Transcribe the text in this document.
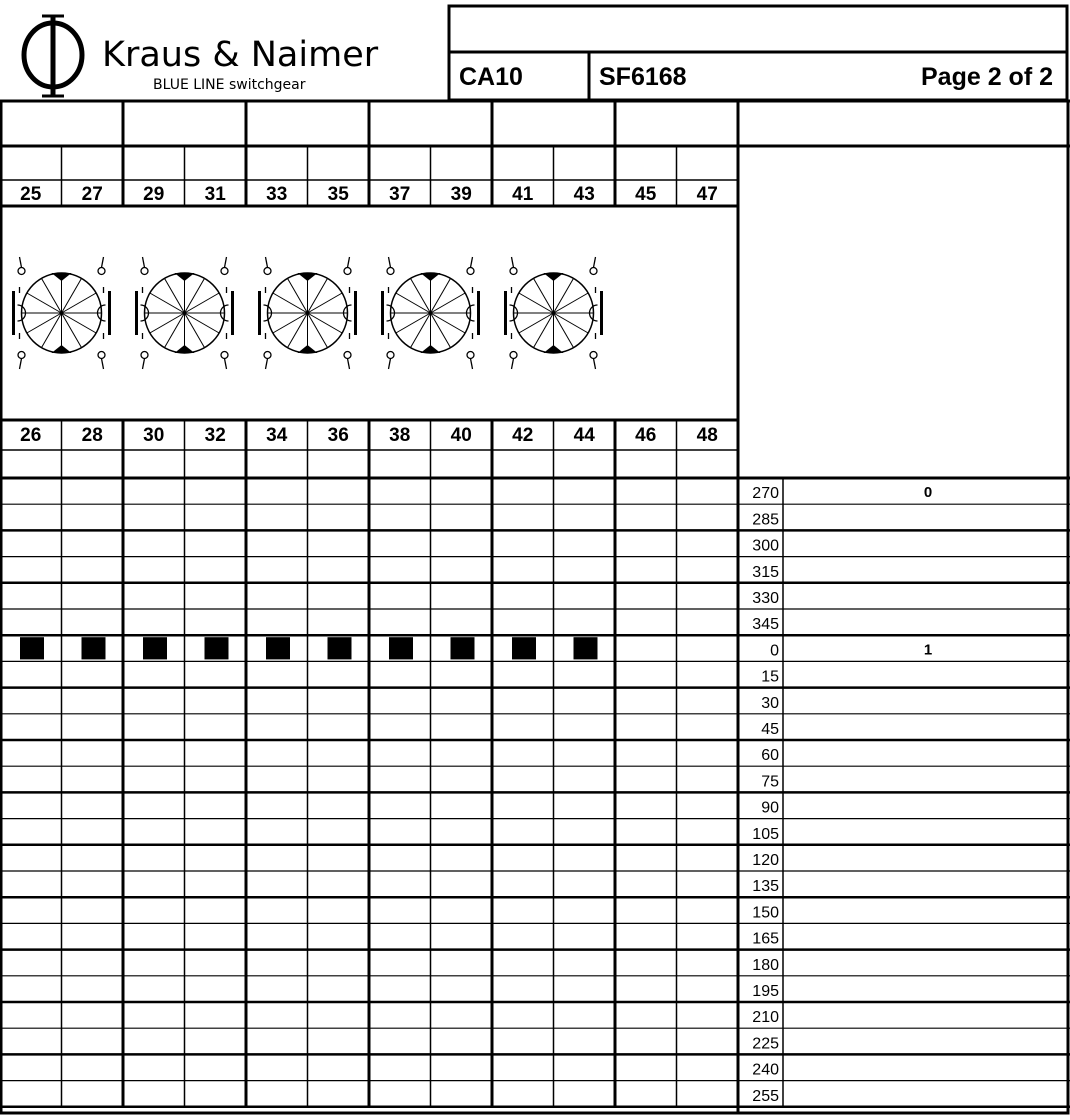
Kraus & Naimer
BLUE LINE switchgear	CA10	SF6168	Page 2 of 2
25 27 29 31 33 35 37 39 41 43 45 47
26 28 30 32 34 36 38 40 42 44 46 48
270	0
285
300
315
330
345
0	1
15
30
45
60
75
90
105
120
135
150
165
180
195
210
225
240
255
